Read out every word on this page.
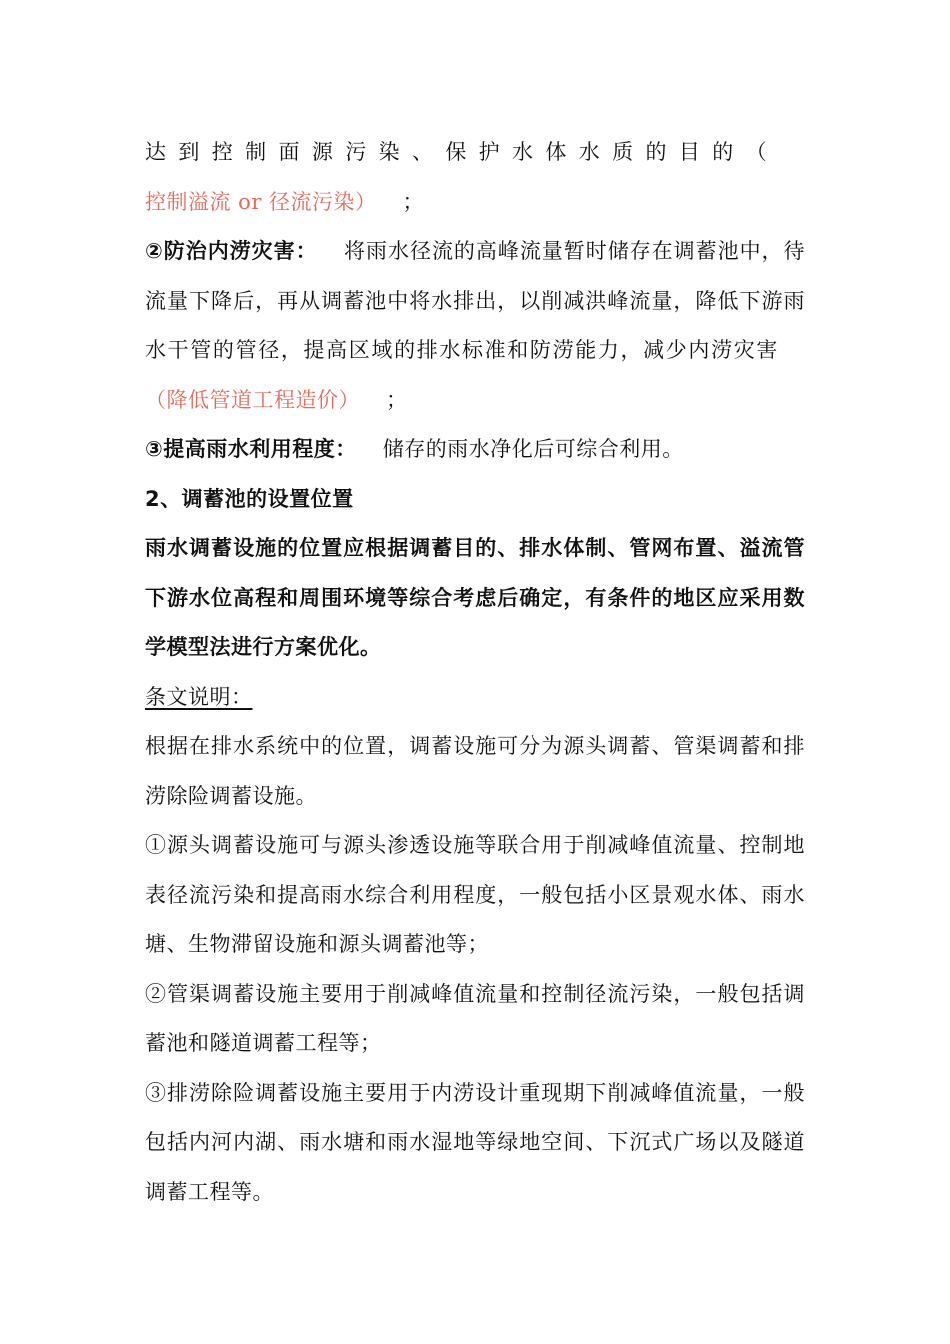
达到控制面源污染、保护水体水质的目的（控制溢流 or 径流污染） ；

②防治内涝灾害： 将雨水径流的高峰流量暂时储存在调蓄池中，待流量下降后，再从调蓄池中将水排出，以削减洪峰流量，降低下游雨水干管的管径，提高区域的排水标准和防涝能力，减少内涝灾害（降低管道工程造价） ；

③提高雨水利用程度： 储存的雨水净化后可综合利用。

2、调蓄池的设置位置

雨水调蓄设施的位置应根据调蓄目的、排水体制、管网布置、溢流管下游水位高程和周围环境等综合考虑后确定，有条件的地区应采用数学模型法进行方案优化。

条文说明：

根据在排水系统中的位置，调蓄设施可分为源头调蓄、管渠调蓄和排涝除险调蓄设施。

①源头调蓄设施可与源头渗透设施等联合用于削减峰值流量、控制地表径流污染和提高雨水综合利用程度，一般包括小区景观水体、雨水塘、生物滞留设施和源头调蓄池等；

②管渠调蓄设施主要用于削减峰值流量和控制径流污染，一般包括调蓄池和隧道调蓄工程等；

③排涝除险调蓄设施主要用于内涝设计重现期下削减峰值流量，一般包括内河内湖、雨水塘和雨水湿地等绿地空间、下沉式广场以及隧道调蓄工程等。
